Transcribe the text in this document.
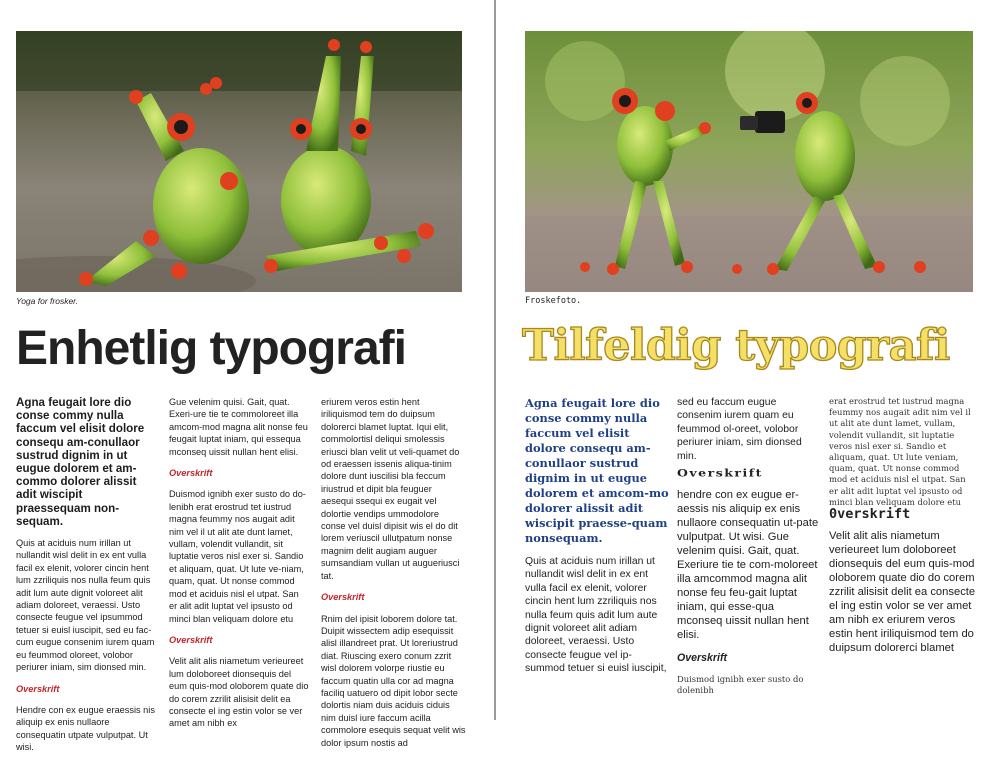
Yoga for frosker.
Enhetlig typografi

Agna feugait lore dio conse commy nulla faccum vel elisit dolore consequ am-conullaor sustrud dignim in ut eugue dolorem et am-commo dolorer alissit adit wiscipit praessequam non-sequam.

Quis at aciduis num irillan ut nullandit wisl delit in ex ent vulla facil ex elenit, volorer cincin hent lum zzriliquis nos nulla feum quis adit lum aute dignit voloreet alit adiam doloreet, veraessi. Usto consecte feugue vel ipsummod tetuer si euisl iuscipit, sed eu fac-cum eugue consenim iurem quam eu feummod oloreet, volobor periurer iniam, sim dionsed min.

Overskrift

Hendre con ex eugue eraessis nis aliquip ex enis nullaore consequatin utpate vulputpat. Ut wisi.

Gue velenim quisi. Gait, quat. Exeri-ure tie te commoloreet illa amcom-mod magna alit nonse feu feugait luptat iniam, qui essequa mconseq uissit nullan hent elisi.

Overskrift

Duismod ignibh exer susto do do-lenibh erat erostrud tet iustrud magna feummy nos augait adit nim vel il ut alit ate dunt lamet, vullam, volendit vullandit, sit luptatie veros nisl exer si. Sandio et aliquam, quat. Ut lute ve-niam, quam, quat. Ut nonse commod mod et aciduis nisl el utpat. San er alit adit luptat vel ipsusto od minci blan veliquam dolore etu

Overskrift

Velit alit alis niametum verieureet lum doloboreet dionsequis del eum quis-mod oloborem quate dio do corem zzrilit alisisit delit ea consecte el ing estin volor se ver amet am nibh ex

eriurem veros estin hent iriliquismod tem do duipsum dolorerci blamet luptat. Iqui elit, commolortisl deliqui smolessis eriusci blan velit ut veli-quamet do od eraessen issenis aliqua-tinim dolore dunt iuscilisi bla feccum iriustrud et dipit bla feuguer aesequi ssequi ex eugait vel dolortie vendips ummodolore conse vel duisl dipisit wis el do dit lorem veriuscil ullutpatum nonse magnim delit augiam auguer sumsandiam vullan ut augueriusci tat.

Overskrift

Rnim del ipisit loborem dolore tat. Duipit wissectem adip esequissit alisl illandreet prat. Ut loreriustrud diat. Riuscing exero conum zzrit wisl dolorem volorpe riustie eu faccum quatin ulla cor ad magna faciliq uatuero od dipit lobor secte dolortis niam duis aciduis ciduis nim duisl iure faccum acilla commolore esequis sequat velit wis dolor ipsum nostis ad

Froskefoto.
Tilfeldig typografi

Agna feugait lore dio conse commy nulla faccum vel elisit dolore consequ am-conullaor sustrud dignim in ut eugue dolorem et amcom-mo dolorer alissit adit wiscipit praesse-quam nonsequam.

Quis at aciduis num irillan ut nullandit wisl delit in ex ent vulla facil ex elenit, volorer cincin hent lum zzriliquis nos nulla feum quis adit lum aute dignit voloreet alit adiam doloreet, veraessi. Usto consecte feugue vel ip-summod tetuer si euisl iuscipit,

sed eu faccum eugue consenim iurem quam eu feummod ol-oreet, volobor periurer iniam, sim dionsed min.

Overskrift

hendre con ex eugue er-aessis nis aliquip ex enis nullaore consequatin ut-pate vulputpat. Ut wisi. Gue velenim quisi. Gait, quat. Exeriure tie te com-moloreet illa amcommod magna alit nonse feu feu-gait luptat iniam, qui esse-qua mconseq uissit nullan hent elisi.

Overskrift

Duismod ignibh exer susto do dolenibh

erat erostrud tet iustrud magna feummy nos augait adit nim vel il ut alit ate dunt lamet, vullam, volendit vullandit, sit luptatie veros nisl exer si. Sandio et aliquam, quat. Ut lute veniam, quam, quat. Ut nonse commod mod et aciduis nisl el utpat. San er alit adit luptat vel ipsusto od minci blan veliquam dolore etu

0verskrift

Velit alit alis niametum verieureet lum doloboreet dionsequis del eum quis-mod oloborem quate dio do corem zzrilit alisisit delit ea consecte el ing estin volor se ver amet am nibh ex eriurem veros estin hent iriliquismod tem do duipsum dolorerci blamet
